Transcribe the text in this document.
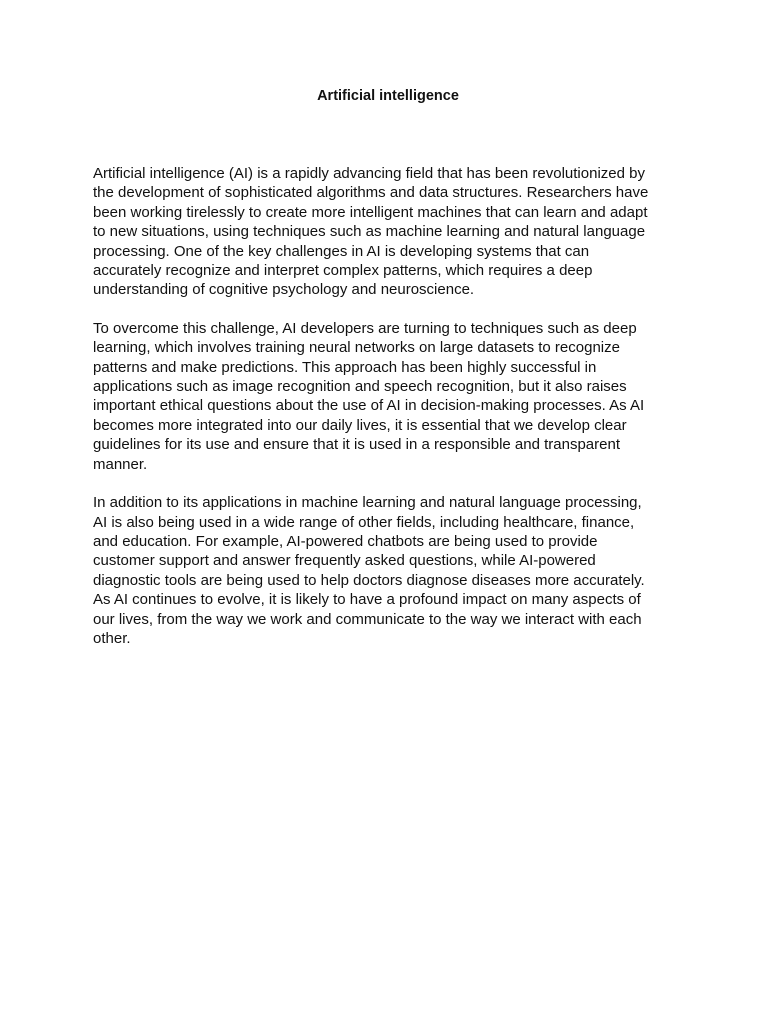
Artificial intelligence

Artificial intelligence (AI) is a rapidly advancing field that has been revolutionized by
the development of sophisticated algorithms and data structures. Researchers have
been working tirelessly to create more intelligent machines that can learn and adapt
to new situations, using techniques such as machine learning and natural language
processing. One of the key challenges in AI is developing systems that can
accurately recognize and interpret complex patterns, which requires a deep
understanding of cognitive psychology and neuroscience.

To overcome this challenge, AI developers are turning to techniques such as deep
learning, which involves training neural networks on large datasets to recognize
patterns and make predictions. This approach has been highly successful in
applications such as image recognition and speech recognition, but it also raises
important ethical questions about the use of AI in decision-making processes. As AI
becomes more integrated into our daily lives, it is essential that we develop clear
guidelines for its use and ensure that it is used in a responsible and transparent
manner.

In addition to its applications in machine learning and natural language processing,
AI is also being used in a wide range of other fields, including healthcare, finance,
and education. For example, AI-powered chatbots are being used to provide
customer support and answer frequently asked questions, while AI-powered
diagnostic tools are being used to help doctors diagnose diseases more accurately.
As AI continues to evolve, it is likely to have a profound impact on many aspects of
our lives, from the way we work and communicate to the way we interact with each
other.
